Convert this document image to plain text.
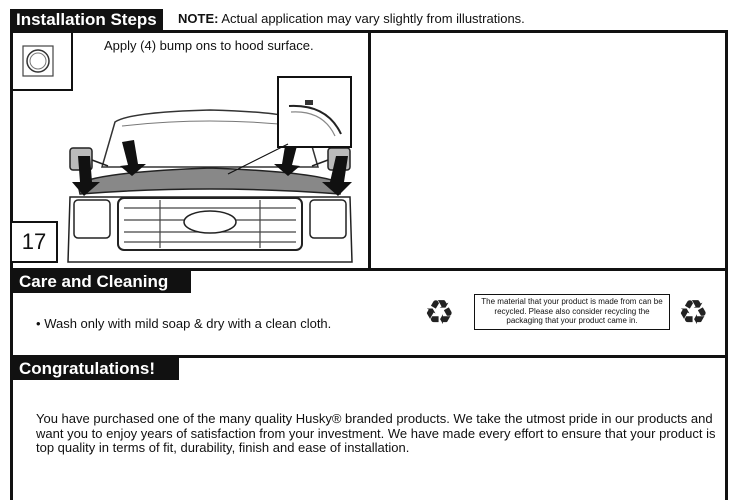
Installation Steps	NOTE: Actual application may vary slightly from illustrations.
Apply (4) bump ons to hood surface.
17
Care and Cleaning
• Wash only with mild soap & dry with a clean cloth.	♻	The material that your product is made from can be recycled. Please also consider recycling the packaging that your product came in.	♻
Congratulations!
You have purchased one of the many quality Husky® branded products. We take the utmost pride in our products and want you to enjoy years of satisfaction from your investment. We have made every effort to ensure that your product is top quality in terms of fit, durability, finish and ease of installation.
